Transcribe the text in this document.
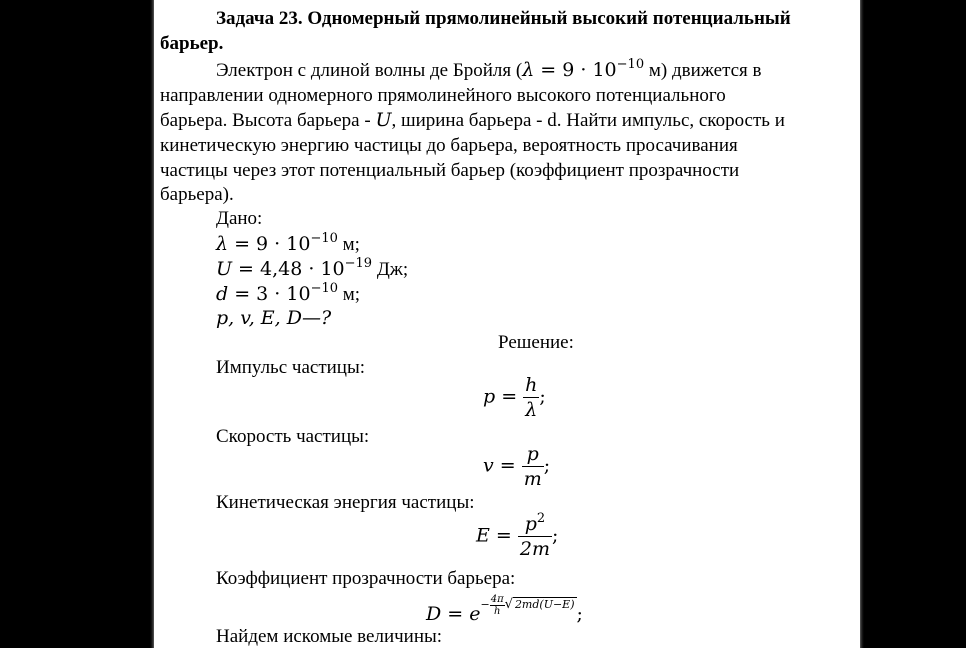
Задача 23. Одномерный прямолинейный высокий потенциальный
барьер.
Электрон с длиной волны де Бройля ($\lambda = 9 \cdot 10^{-10}$ м) движется в
направлении одномерного прямолинейного высокого потенциального
барьера. Высота барьера - U, ширина барьера - d. Найти импульс, скорость и
кинетическую энергию частицы до барьера, вероятность просачивания
частицы через этот потенциальный барьер (коэффициент прозрачности
барьера).
Дано:
$\lambda = 9 \cdot 10^{-10}$ м;
$U = 4,48 \cdot 10^{-19}$ Дж;
$d = 3 \cdot 10^{-10}$ м;
p, v, E, D—?
Решение:
Импульс частицы:
$p = \frac{h}{\lambda}$ ;
Скорость частицы:
$v = \frac{p}{m}$ ;
Кинетическая энергия частицы:
$E = \frac{p^2}{2m}$ ;
Коэффициент прозрачности барьера:
$D = e- \frac{4\pi}{h}$ √ 2md(U−E) ;
Найдем искомые величины:
